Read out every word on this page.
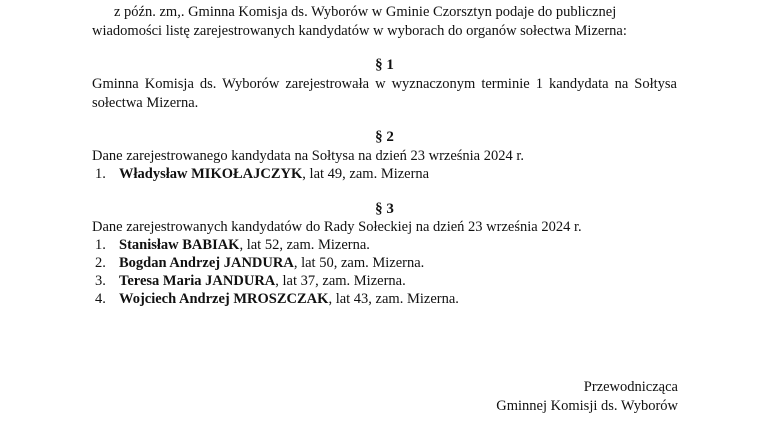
z późn. zm,. Gminna Komisja ds. Wyborów w Gminie Czorsztyn podaje do publicznej
wiadomości listę zarejestrowanych kandydatów w wyborach do organów sołectwa Mizerna:
§ 1
Gminna Komisja ds. Wyborów zarejestrowała w wyznaczonym terminie 1 kandydata na Sołtysa sołectwa Mizerna.
§ 2
Dane zarejestrowanego kandydata na Sołtysa na dzień 23 września 2024 r.
1. Władysław MIKOŁAJCZYK, lat 49, zam. Mizerna
§ 3
Dane zarejestrowanych kandydatów do Rady Sołeckiej na dzień 23 września 2024 r.
1. Stanisław BABIAK, lat 52, zam. Mizerna.
2. Bogdan Andrzej JANDURA, lat 50, zam. Mizerna.
3. Teresa Maria JANDURA, lat 37, zam. Mizerna.
4. Wojciech Andrzej MROSZCZAK, lat 43, zam. Mizerna.
Przewodnicząca
Gminnej Komisji ds. Wyborów
